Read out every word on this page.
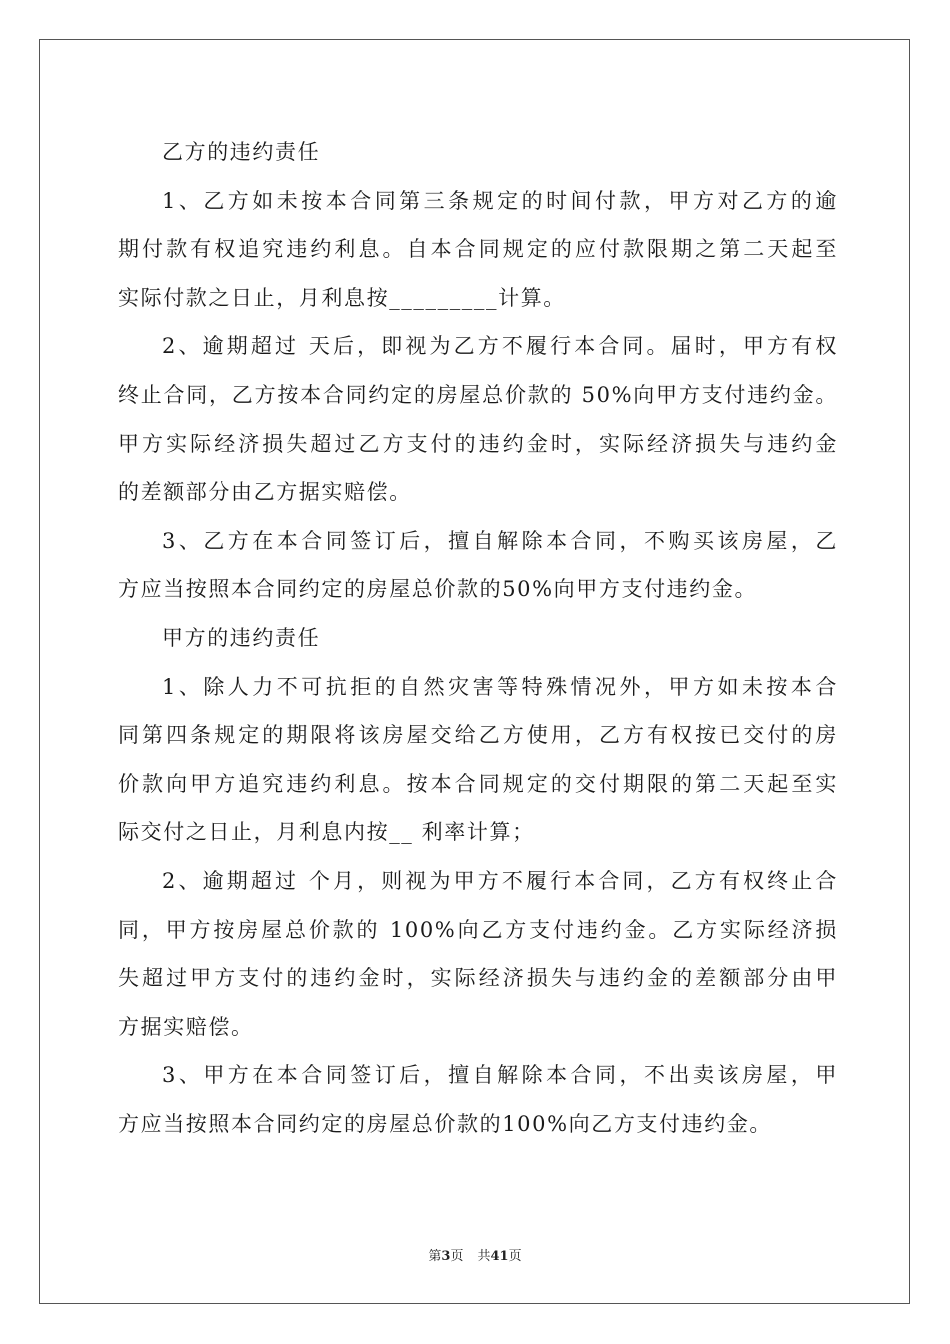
乙方的违约责任
1、乙方如未按本合同第三条规定的时间付款，甲方对乙方的逾
期付款有权追究违约利息。自本合同规定的应付款限期之第二天起至
实际付款之日止，月利息按_________计算。
2、逾期超过 天后，即视为乙方不履行本合同。届时，甲方有权
终止合同，乙方按本合同约定的房屋总价款的 50%向甲方支付违约金。
甲方实际经济损失超过乙方支付的违约金时，实际经济损失与违约金
的差额部分由乙方据实赔偿。
3、乙方在本合同签订后，擅自解除本合同，不购买该房屋，乙
方应当按照本合同约定的房屋总价款的50%向甲方支付违约金。
甲方的违约责任
1、除人力不可抗拒的自然灾害等特殊情况外，甲方如未按本合
同第四条规定的期限将该房屋交给乙方使用，乙方有权按已交付的房
价款向甲方追究违约利息。按本合同规定的交付期限的第二天起至实
际交付之日止，月利息内按__ 利率计算；
2、逾期超过 个月，则视为甲方不履行本合同，乙方有权终止合
同，甲方按房屋总价款的 100%向乙方支付违约金。乙方实际经济损
失超过甲方支付的违约金时，实际经济损失与违约金的差额部分由甲
方据实赔偿。
3、甲方在本合同签订后，擅自解除本合同，不出卖该房屋，甲
方应当按照本合同约定的房屋总价款的100%向乙方支付违约金。
第3页 共41页
